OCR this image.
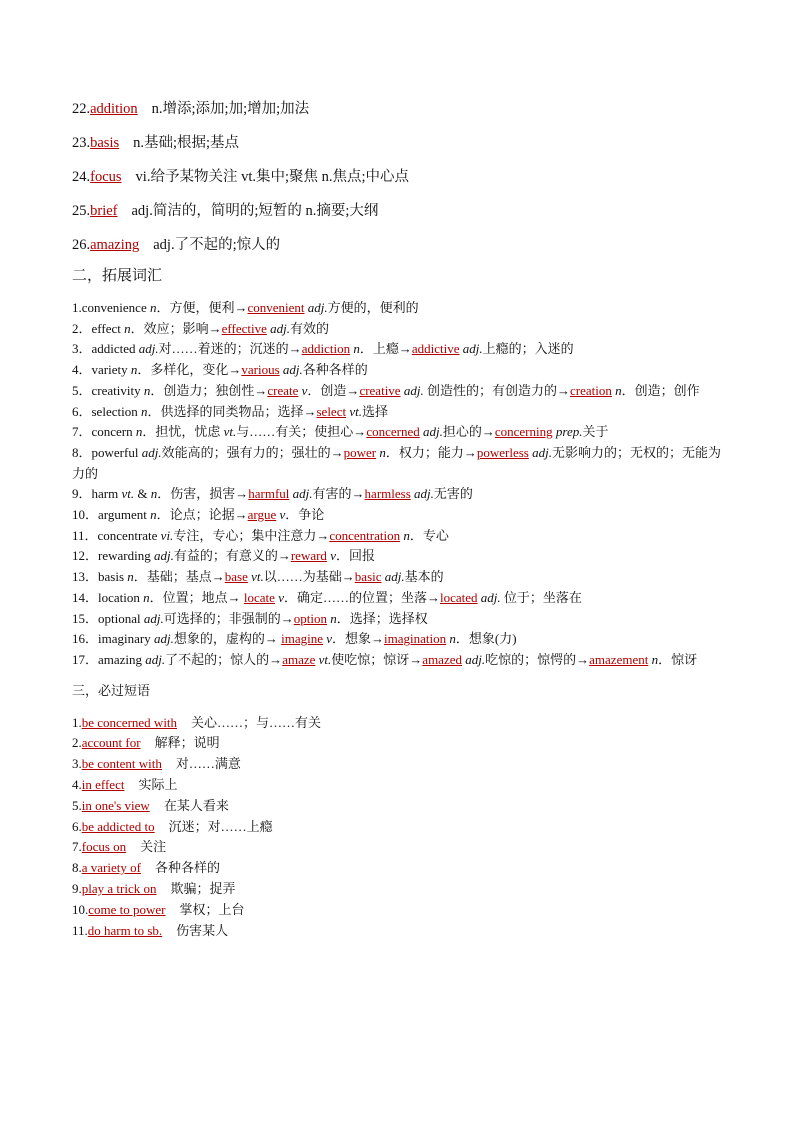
22.addition n.增添;添加;加;增加;加法
23.basis n.基础;根据;基点
24.focus vi.给予某物关注 vt.集中;聚焦 n.焦点;中心点
25.brief adj.简洁的，简明的;短暂的 n.摘要;大纲
26.amazing adj.了不起的;惊人的
二，拓展词汇
1.convenience n．方便，便利→convenient adj.方便的，便利的
2．effect n．效应；影响→effective adj.有效的
3．addicted adj.对……着迷的；沉迷的→addiction n．上瘾→addictive adj.上瘾的；入迷的
4．variety n．多样化，变化→various adj.各种各样的
5．creativity n．创造力；独创性→create v．创造→creative adj. 创造性的；有创造力的→creation n．创造；创作
6．selection n．供选择的同类物品；选择→select vt.选择
7．concern n．担忧，忧虑 vt.与……有关；使担心→concerned adj.担心的→concerning prep.关于
8．powerful adj.效能高的；强有力的；强壮的→power n．权力；能力→powerless adj.无影响力的；无权的；无能为力的
9．harm vt. & n．伤害，损害→harmful adj.有害的→harmless adj.无害的
10．argument n．论点；论据→argue v．争论
11．concentrate vi.专注，专心；集中注意力→concentration n．专心
12．rewarding adj.有益的；有意义的→reward v．回报
13．basis n．基础；基点→base vt.以……为基础→basic adj.基本的
14．location n．位置；地点→ locate v．确定……的位置；坐落→located adj. 位于；坐落在
15．optional adj.可选择的；非强制的→option n．选择；选择权
16．imaginary adj.想象的，虚构的→ imagine v．想象→imagination n．想象(力)
17．amazing adj.了不起的；惊人的→amaze vt.使吃惊；惊讶→amazed adj.吃惊的；惊愕的→amazement n．惊讶
三，必过短语
1.be concerned with 关心……；与……有关
2.account for 解释；说明
3.be content with 对……满意
4.in effect 实际上
5.in one's view 在某人看来
6.be addicted to 沉迷；对……上瘾
7.focus on 关注
8.a variety of 各种各样的
9.play a trick on 欺骗；捉弄
10.come to power 掌权；上台
11.do harm to sb. 伤害某人
